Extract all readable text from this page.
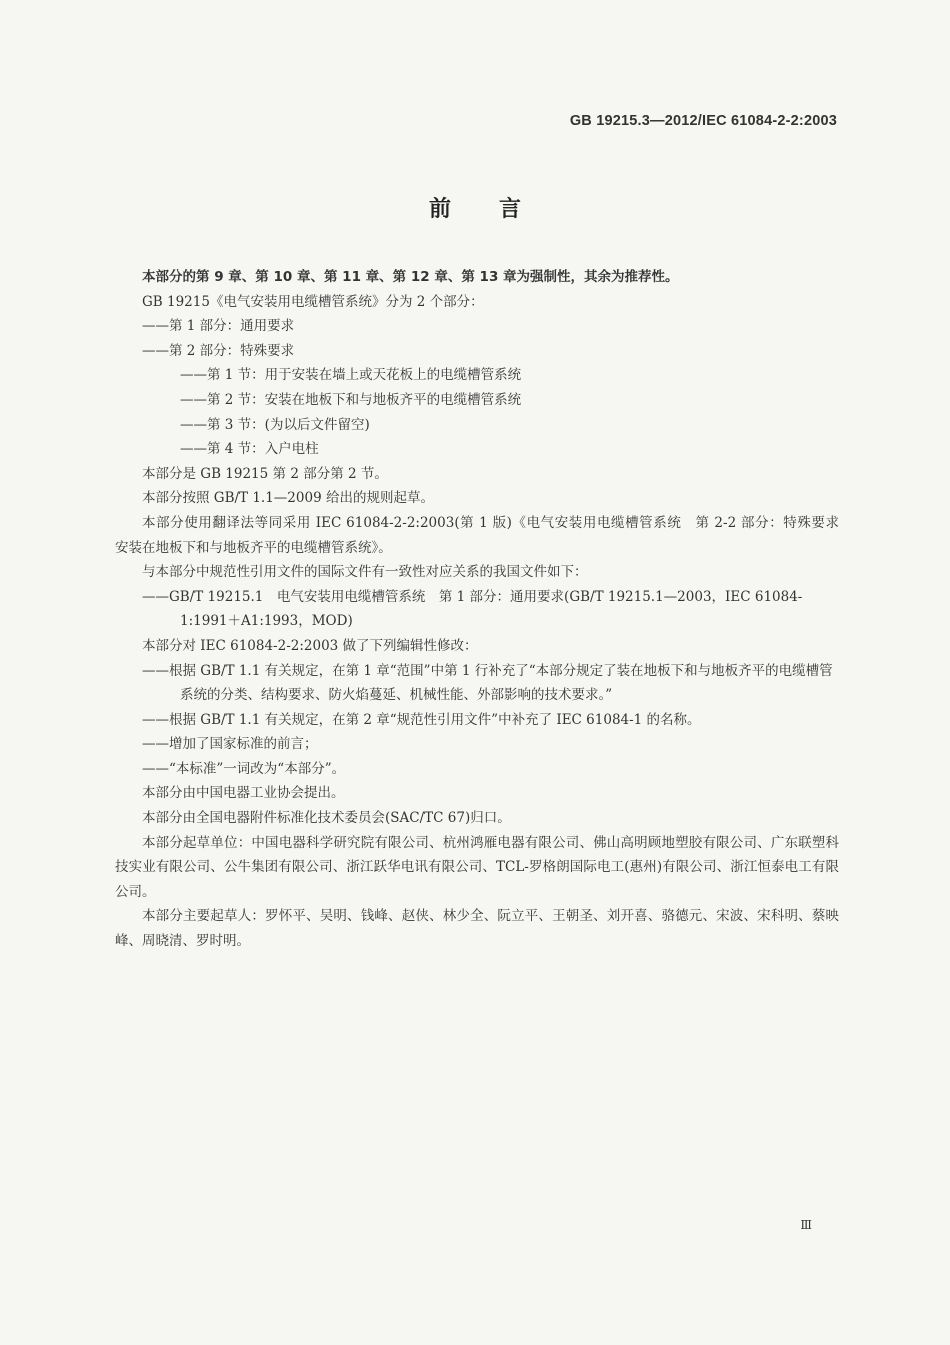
GB 19215.3—2012/IEC 61084-2-2:2003
前言

本部分的第 9 章、第 10 章、第 11 章、第 12 章、第 13 章为强制性，其余为推荐性。

GB 19215《电气安装用电缆槽管系统》分为 2 个部分：

——第 1 部分：通用要求

——第 2 部分：特殊要求

——第 1 节：用于安装在墙上或天花板上的电缆槽管系统

——第 2 节：安装在地板下和与地板齐平的电缆槽管系统

——第 3 节：(为以后文件留空)

——第 4 节：入户电柱

本部分是 GB 19215 第 2 部分第 2 节。

本部分按照 GB/T 1.1—2009 给出的规则起草。

本部分使用翻译法等同采用 IEC 61084-2-2:2003(第 1 版)《电气安装用电缆槽管系统　第 2-2 部分：特殊要求　安装在地板下和与地板齐平的电缆槽管系统》。

与本部分中规范性引用文件的国际文件有一致性对应关系的我国文件如下：

——GB/T 19215.1　电气安装用电缆槽管系统　第 1 部分：通用要求(GB/T 19215.1—2003，IEC 61084-1:1991＋A1:1993，MOD)

本部分对 IEC 61084-2-2:2003 做了下列编辑性修改：

——根据 GB/T 1.1 有关规定，在第 1 章“范围”中第 1 行补充了“本部分规定了装在地板下和与地板齐平的电缆槽管系统的分类、结构要求、防火焰蔓延、机械性能、外部影响的技术要求。”

——根据 GB/T 1.1 有关规定，在第 2 章“规范性引用文件”中补充了 IEC 61084-1 的名称。

——增加了国家标准的前言；

——“本标准”一词改为“本部分”。

本部分由中国电器工业协会提出。

本部分由全国电器附件标准化技术委员会(SAC/TC 67)归口。

本部分起草单位：中国电器科学研究院有限公司、杭州鸿雁电器有限公司、佛山高明顾地塑胶有限公司、广东联塑科技实业有限公司、公牛集团有限公司、浙江跃华电讯有限公司、TCL-罗格朗国际电工(惠州)有限公司、浙江恒泰电工有限公司。

本部分主要起草人：罗怀平、吴明、钱峰、赵侠、林少全、阮立平、王朝圣、刘开喜、骆德元、宋波、宋科明、蔡映峰、周晓清、罗时明。

Ⅲ
